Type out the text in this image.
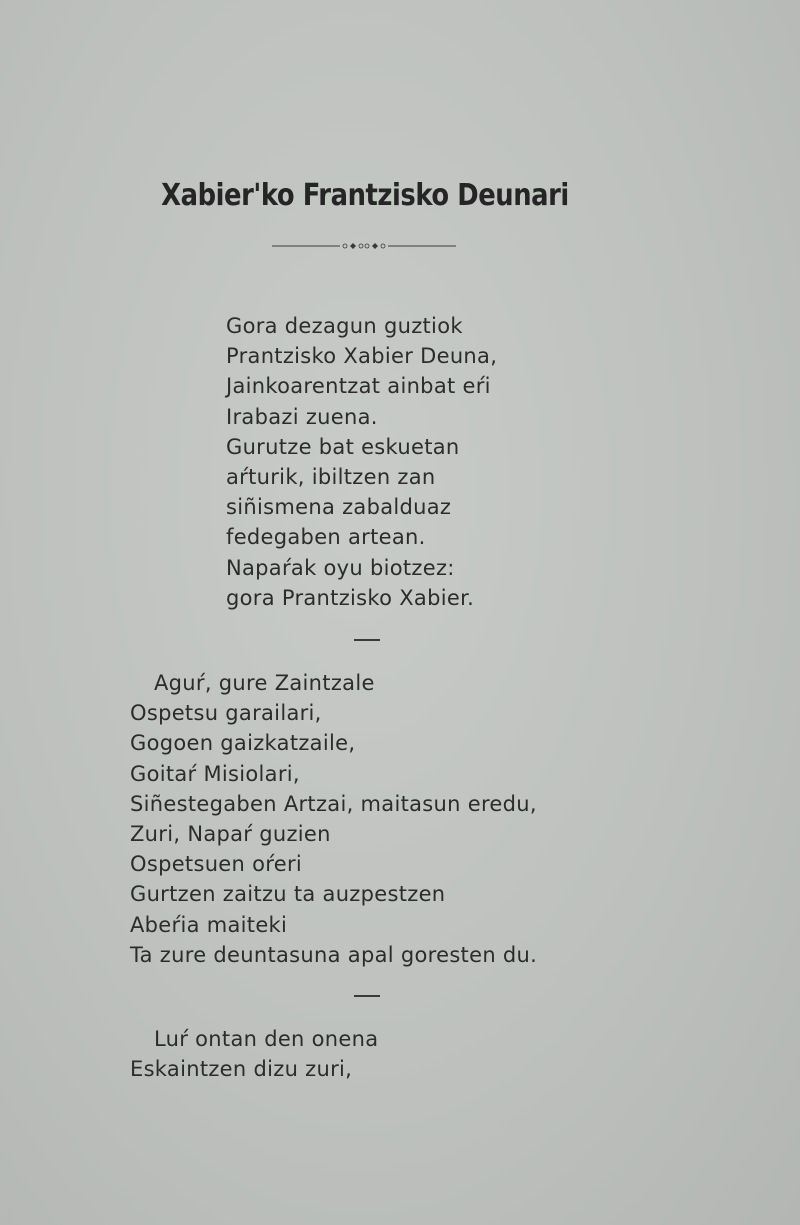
Xabier'ko Frantzisko Deunari
Gora dezagun guztiok
Prantzisko Xabier Deuna,
Jainkoarentzat ainbat eŕi
Irabazi zuena.
Gurutze bat eskuetan
aŕturik, ibiltzen zan
siñismena zabalduaz
fedegaben artean.
Napaŕak oyu biotzez:
gora Prantzisko Xabier.
Aguŕ, gure Zaintzale
Ospetsu garailari,
Gogoen gaizkatzaile,
Goitaŕ Misiolari,
Siñestegaben Artzai, maitasun eredu,
Zuri, Napaŕ guzien
Ospetsuen oŕeri
Gurtzen zaitzu ta auzpestzen
Abeŕia maiteki
Ta zure deuntasuna apal goresten du.
Luŕ ontan den onena
Eskaintzen dizu zuri,
